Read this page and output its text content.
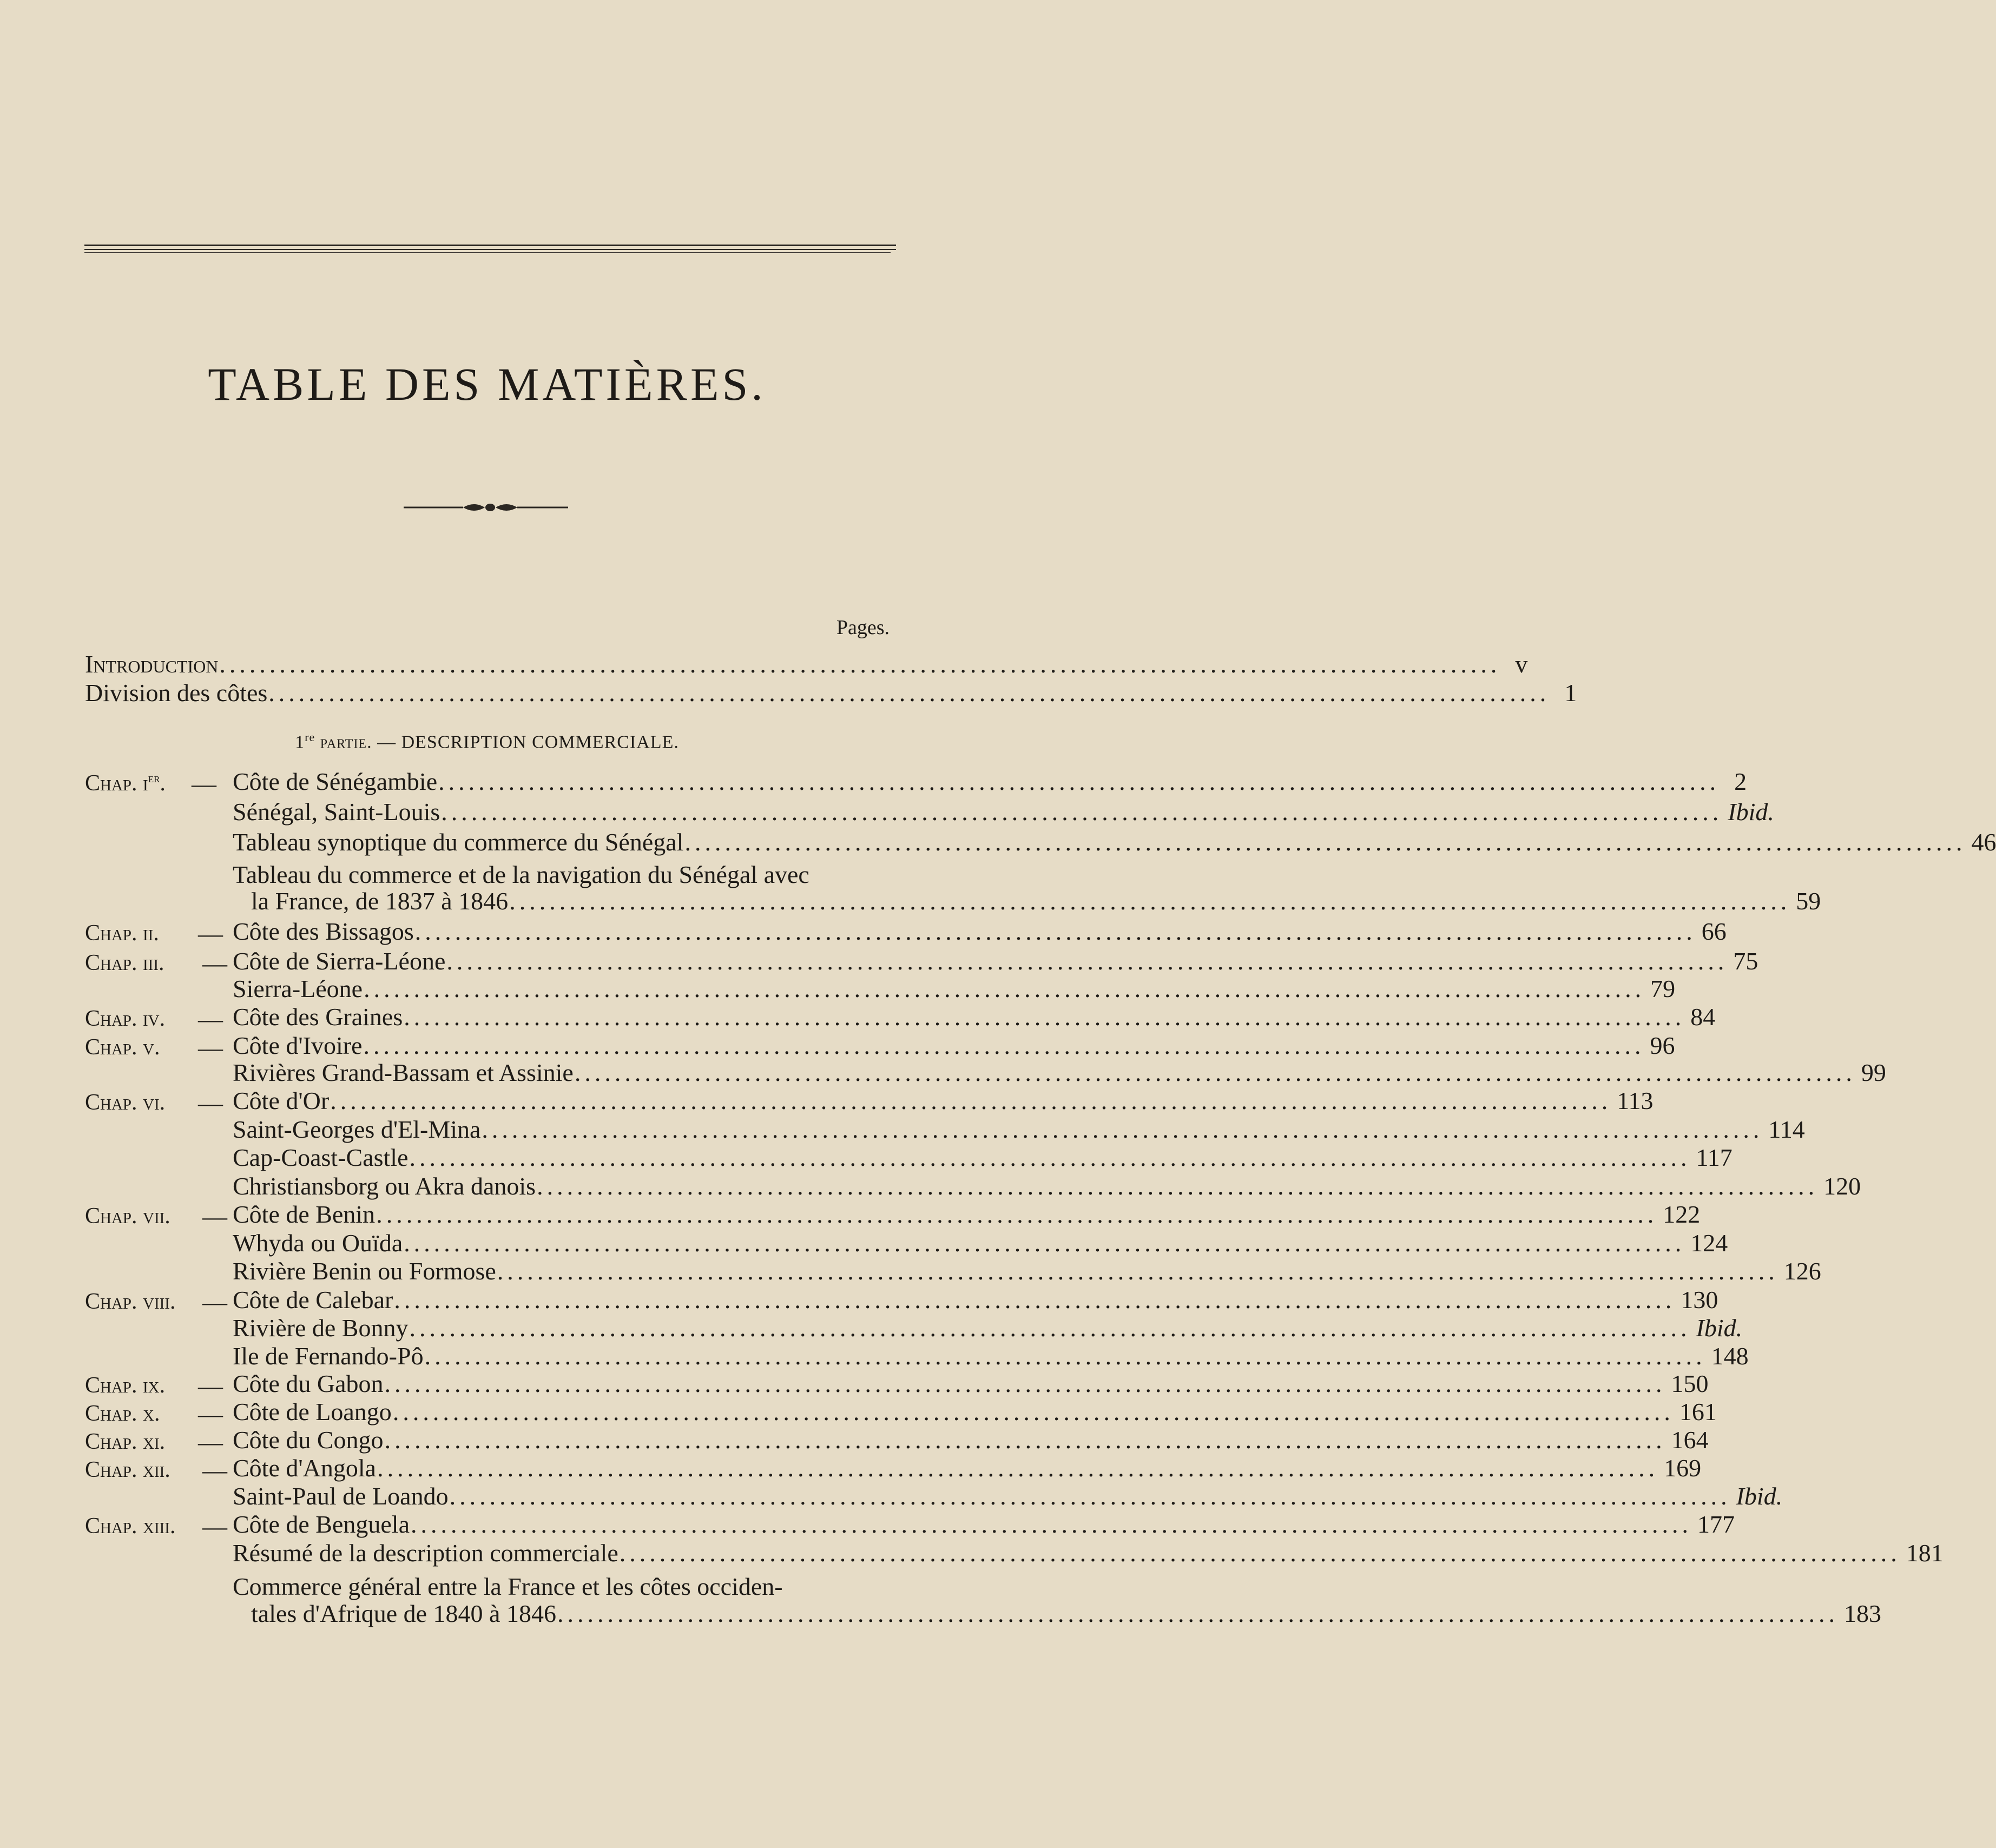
TABLE DES MATIÈRES.
Pages.
Introduction ................................................................................................................................ v
Division des côtes ................................................................................................................................ 1
1re partie. — DESCRIPTION COMMERCIALE.
Chap. $i^{er}$. — Côte de Sénégambie ................................................................................................................................ 2
Sénégal, Saint-Louis ................................................................................................................................ Ibid.
Tableau synoptique du commerce du Sénégal ................................................................................................................................ 46
Tableau du commerce et de la navigation du Sénégal avec
la France, de 1837 à 1846 ................................................................................................................................ 59
Chap. ii. — Côte des Bissagos ................................................................................................................................ 66
Chap. iii. — Côte de Sierra-Léone ................................................................................................................................ 75
Sierra-Léone ................................................................................................................................ 79
Chap. iv. — Côte des Graines ................................................................................................................................ 84
Chap. v. — Côte d'Ivoire ................................................................................................................................ 96
Rivières Grand-Bassam et Assinie ................................................................................................................................ 99
Chap. vi. — Côte d'Or ................................................................................................................................ 113
Saint-Georges d'El-Mina ................................................................................................................................ 114
Cap-Coast-Castle ................................................................................................................................ 117
Christiansborg ou Akra danois ................................................................................................................................ 120
Chap. vii. — Côte de Benin ................................................................................................................................ 122
Whyda ou Ouïda ................................................................................................................................ 124
Rivière Benin ou Formose ................................................................................................................................ 126
Chap. viii. — Côte de Calebar ................................................................................................................................ 130
Rivière de Bonny ................................................................................................................................ Ibid.
Ile de Fernando-Pô ................................................................................................................................ 148
Chap. ix. — Côte du Gabon ................................................................................................................................ 150
Chap. x. — Côte de Loango ................................................................................................................................ 161
Chap. xi. — Côte du Congo ................................................................................................................................ 164
Chap. xii. — Côte d'Angola ................................................................................................................................ 169
Saint-Paul de Loando ................................................................................................................................ Ibid.
Chap. xiii. — Côte de Benguela ................................................................................................................................ 177
Résumé de la description commerciale ................................................................................................................................ 181
Commerce général entre la France et les côtes occiden-
tales d'Afrique de 1840 à 1846 ................................................................................................................................ 183
